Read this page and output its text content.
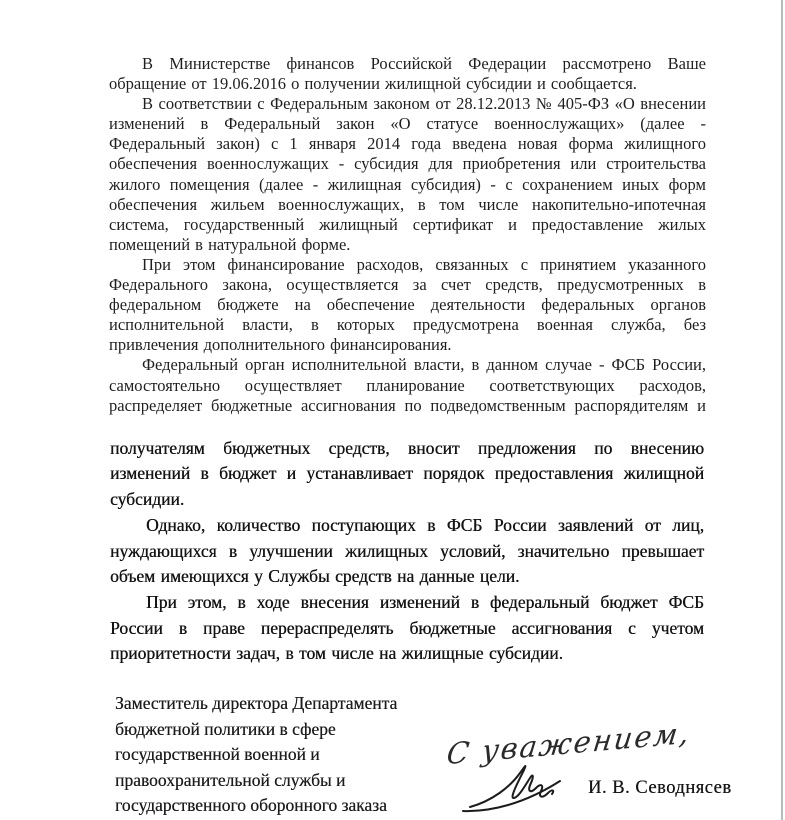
В Министерстве финансов Российской Федерации рассмотрено Ваше обращение от 19.06.2016 о получении жилищной субсидии и сообщается.

В соответствии с Федеральным законом от 28.12.2013 № 405-ФЗ «О внесении изменений в Федеральный закон «О статусе военнослужащих» (далее - Федеральный закон) с 1 января 2014 года введена новая форма жилищного обеспечения военнослужащих - субсидия для приобретения или строительства жилого помещения (далее - жилищная субсидия) - с сохранением иных форм обеспечения жильем военнослужащих, в том числе накопительно-ипотечная система, государственный жилищный сертификат и предоставление жилых помещений в натуральной форме.

При этом финансирование расходов, связанных с принятием указанного Федерального закона, осуществляется за счет средств, предусмотренных в федеральном бюджете на обеспечение деятельности федеральных органов исполнительной власти, в которых предусмотрена военная служба, без привлечения дополнительного финансирования.

Федеральный орган исполнительной власти, в данном случае - ФСБ России, самостоятельно осуществляет планирование соответствующих расходов, распределяет бюджетные ассигнования по подведомственным распорядителям и

получателям бюджетных средств, вносит предложения по внесению изменений в бюджет и устанавливает порядок предоставления жилищной субсидии.

Однако, количество поступающих в ФСБ России заявлений от лиц, нуждающихся в улучшении жилищных условий, значительно превышает объем имеющихся у Службы средств на данные цели.

При этом, в ходе внесения изменений в федеральный бюджет ФСБ России в праве перераспределять бюджетные ассигнования с учетом приоритетности задач, в том числе на жилищные субсидии.

Заместитель директора Департамента
бюджетной политики в сфере
государственной военной и
правоохранительной службы и
государственного оборонного заказа
С уважением,
И. В. Севоднясев
